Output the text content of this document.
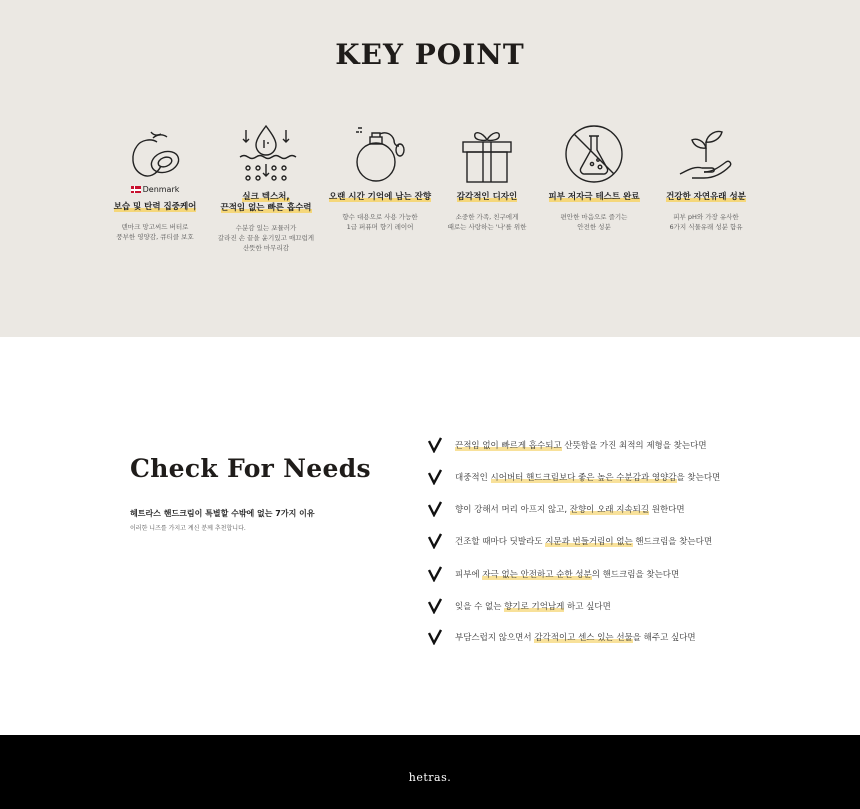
KEY POINT
Denmark
보습 및 탄력 집중케어
덴마크 망고씨드 버터로
풍부한 영양감, 큐티클 보호
실크 텍스처,
끈적임 없는 빠른 흡수력
수분감 있는 포뮬러가
갈라진 손 끝을 윤기있고 매끄럽게
산뜻한 마무리감
오랜 시간 기억에 남는 잔향
향수 대용으로 사용 가능한
1급 퍼퓨머 향기 레이어
감각적인 디자인
소중한 가족, 친구에게
때로는 사랑하는 '나'를 위한
피부 저자극 테스트 완료
편안한 마음으로 즐기는
안전한 성분
건강한 자연유래 성분
피부 pH와 가장 유사한
6가지 식물유래 성분 함유
Check For Needs
헤트라스 핸드크림이 특별할 수밖에 없는 7가지 이유
이러한 니즈를 가지고 계신 분께 추천합니다.
끈적임 없이 빠르게 흡수되고 산뜻함을 가진 최적의 제형을 찾는다면
대중적인 시어버터 핸드크림보다 좋은 높은 수분감과 영양감을 찾는다면
향이 강해서 머리 아프지 않고, 잔향이 오래 지속되길 원한다면
건조할 때마다 딧발라도 지문과 번들거림이 없는 핸드크림을 찾는다면
피부에 자극 없는 안전하고 순한 성분의 핸드크림을 찾는다면
잊을 수 없는 향기로 기억남게 하고 싶다면
부담스럽지 않으면서 감각적이고 센스 있는 선물을 해주고 싶다면
hetras.
